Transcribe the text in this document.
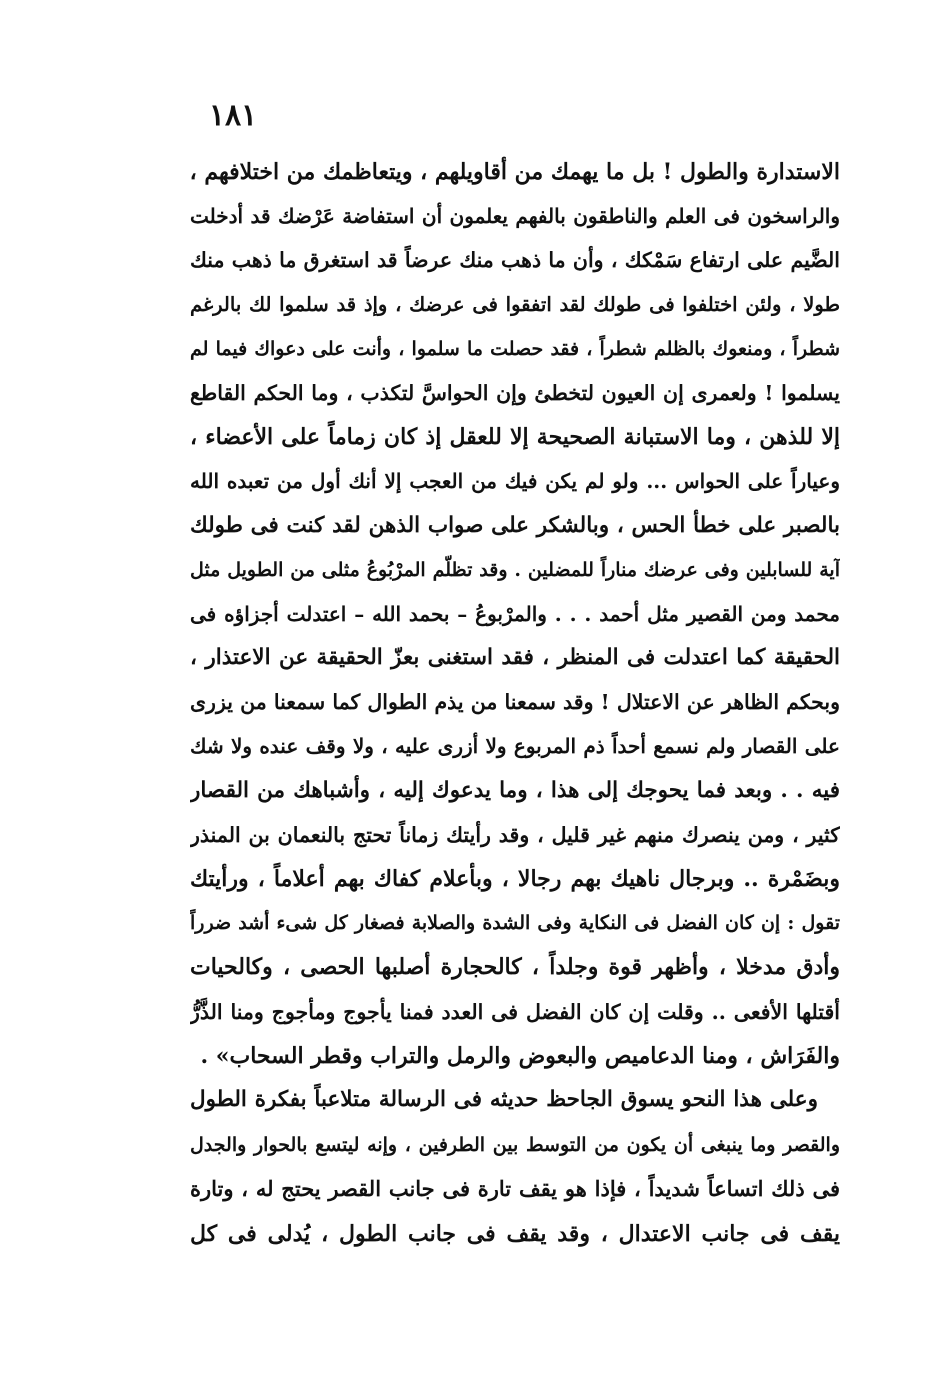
١٨١
الاستدارة والطول ! بل ما يهمك من أقاويلهم ، ويتعاظمك من اختلافهم ،
والراسخون فى العلم والناطقون بالفهم يعلمون أن استفاضة عَرْضك قد أدخلت
الضَّيم على ارتفاع سَمْكك ، وأن ما ذهب منك عرضاً قد استغرق ما ذهب منك
طولا ، ولئن اختلفوا فى طولك لقد اتفقوا فى عرضك ، وإذ قد سلموا لك بالرغم
شطراً ، ومنعوك بالظلم شطراً ، فقد حصلت ما سلموا ، وأنت على دعواك فيما لم
يسلموا ! ولعمرى إن العيون لتخطئ وإن الحواسَّ لتكذب ، وما الحكم القاطع
إلا للذهن ، وما الاستبانة الصحيحة إلا للعقل إذ كان زماماً على الأعضاء ،
وعياراً على الحواس ... ولو لم يكن فيك من العجب إلا أنك أول من تعبده الله
بالصبر على خطأ الحس ، وبالشكر على صواب الذهن لقد كنت فى طولك
آية للسابلين وفى عرضك مناراً للمضلين . وقد تظلّم المرْبُوعُ مثلى من الطويل مثل
محمد ومن القصير مثل أحمد . . . والمرْبوعُ – بحمد الله – اعتدلت أجزاؤه فى
الحقيقة كما اعتدلت فى المنظر ، فقد استغنى بعزّ الحقيقة عن الاعتذار ،
وبحكم الظاهر عن الاعتلال ! وقد سمعنا من يذم الطوال كما سمعنا من يزرى
على القصار ولم نسمع أحداً ذم المربوع ولا أزرى عليه ، ولا وقف عنده ولا شك
فيه . . وبعد فما يحوجك إلى هذا ، وما يدعوك إليه ، وأشباهك من القصار
كثير ، ومن ينصرك منهم غير قليل ، وقد رأيتك زماناً تحتج بالنعمان بن المنذر
وبضَمْرة .. وبرجال ناهيك بهم رجالا ، وبأعلام كفاك بهم أعلاماً ، ورأيتك
تقول : إن كان الفضل فى النكاية وفى الشدة والصلابة فصغار كل شىء أشد ضرراً
وأدق مدخلا ، وأظهر قوة وجلداً ، كالحجارة أصلبها الحصى ، وكالحيات
أقتلها الأفعى .. وقلت إن كان الفضل فى العدد فمنا يأجوج ومأجوج ومنا الذَّرُّ
والفَرَاش ، ومنا الدعاميص والبعوض والرمل والتراب وقطر السحاب» .
وعلى هذا النحو يسوق الجاحظ حديثه فى الرسالة متلاعباً بفكرة الطول
والقصر وما ينبغى أن يكون من التوسط بين الطرفين ، وإنه ليتسع بالحوار والجدل
فى ذلك اتساعاً شديداً ، فإذا هو يقف تارة فى جانب القصر يحتج له ، وتارة
يقف فى جانب الاعتدال ، وقد يقف فى جانب الطول ، يُدلى فى كل
